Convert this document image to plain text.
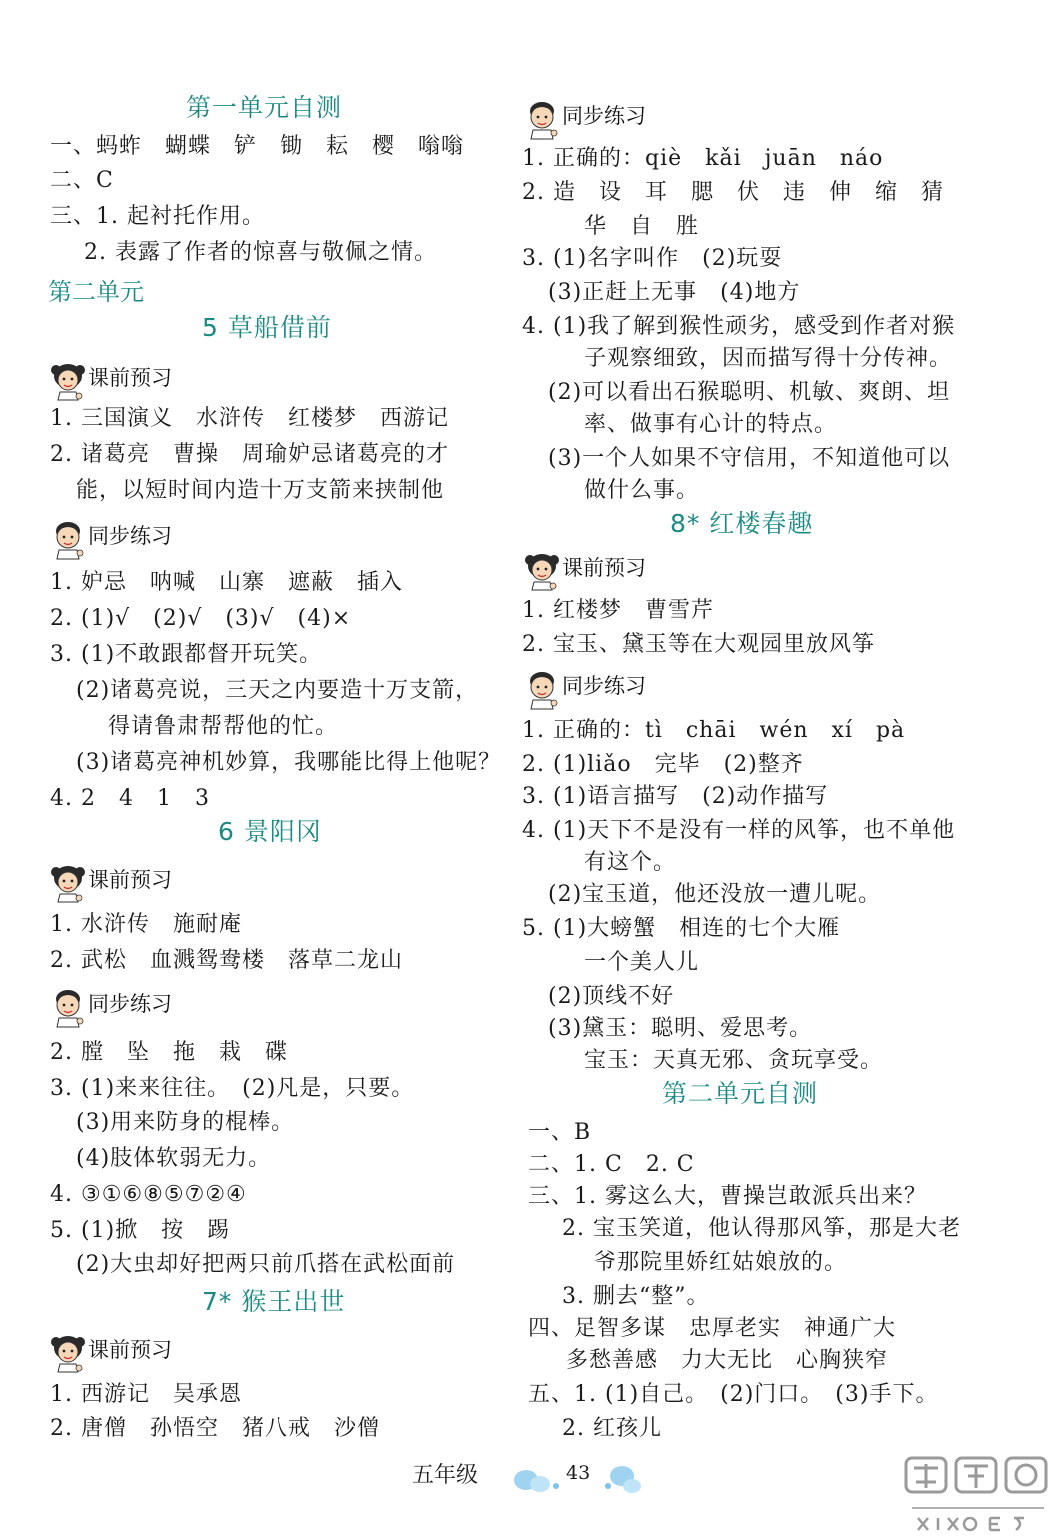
第一单元自测
一、蚂蚱　蝴蝶　铲　锄　耘　樱　嗡嗡
二、C
三、1. 起衬托作用。
2. 表露了作者的惊喜与敬佩之情。
第二单元
5 草船借前
课前预习
1. 三国演义　水浒传　红楼梦　西游记
2. 诸葛亮　曹操　周瑜妒忌诸葛亮的才
能，以短时间内造十万支箭来挟制他
同步练习
1. 妒忌　呐喊　山寨　遮蔽　插入
2. (1)√　(2)√　(3)√　(4)×
3. (1)不敢跟都督开玩笑。
(2)诸葛亮说，三天之内要造十万支箭，
得请鲁肃帮帮他的忙。
(3)诸葛亮神机妙算，我哪能比得上他呢？
4. 2　4　1　3
6 景阳冈
课前预习
1. 水浒传　施耐庵
2. 武松　血溅鸳鸯楼　落草二龙山
同步练习
2. 膛　坠　拖　栽　碟
3. (1)来来往往。　(2)凡是，只要。
(3)用来防身的棍棒。
(4)肢体软弱无力。
4. ③①⑥⑧⑤⑦②④
5. (1)掀　按　踢
(2)大虫却好把两只前爪搭在武松面前
7* 猴王出世
课前预习
1. 西游记　吴承恩
2. 唐僧　孙悟空　猪八戒　沙僧
同步练习
1. 正确的：qiè　kǎi　juān　náo
2. 造　设　耳　腮　伏　违　伸　缩　猜
华　自　胜
3. (1)名字叫作　(2)玩耍
(3)正赶上无事　(4)地方
4. (1)我了解到猴性顽劣，感受到作者对猴
子观察细致，因而描写得十分传神。
(2)可以看出石猴聪明、机敏、爽朗、坦
率、做事有心计的特点。
(3)一个人如果不守信用，不知道他可以
做什么事。
8* 红楼春趣
课前预习
1. 红楼梦　曹雪芹
2. 宝玉、黛玉等在大观园里放风筝
同步练习
1. 正确的：tì　chāi　wén　xí　pà
2. (1)liǎo　完毕　(2)整齐
3. (1)语言描写　(2)动作描写
4. (1)天下不是没有一样的风筝，也不单他
有这个。
(2)宝玉道，他还没放一遭儿呢。
5. (1)大螃蟹　相连的七个大雁
一个美人儿
(2)顶线不好
(3)黛玉：聪明、爱思考。
宝玉：天真无邪、贪玩享受。
第二单元自测
一、B
二、1. C　2. C
三、1. 雾这么大，曹操岂敢派兵出来？
2. 宝玉笑道，他认得那风筝，那是大老
爷那院里娇红姑娘放的。
3. 删去“整”。
四、足智多谋　忠厚老实　神通广大
多愁善感　力大无比　心胸狭窄
五、1. (1)自己。　(2)门口。　(3)手下。
2. 红孩儿
五年级	43
